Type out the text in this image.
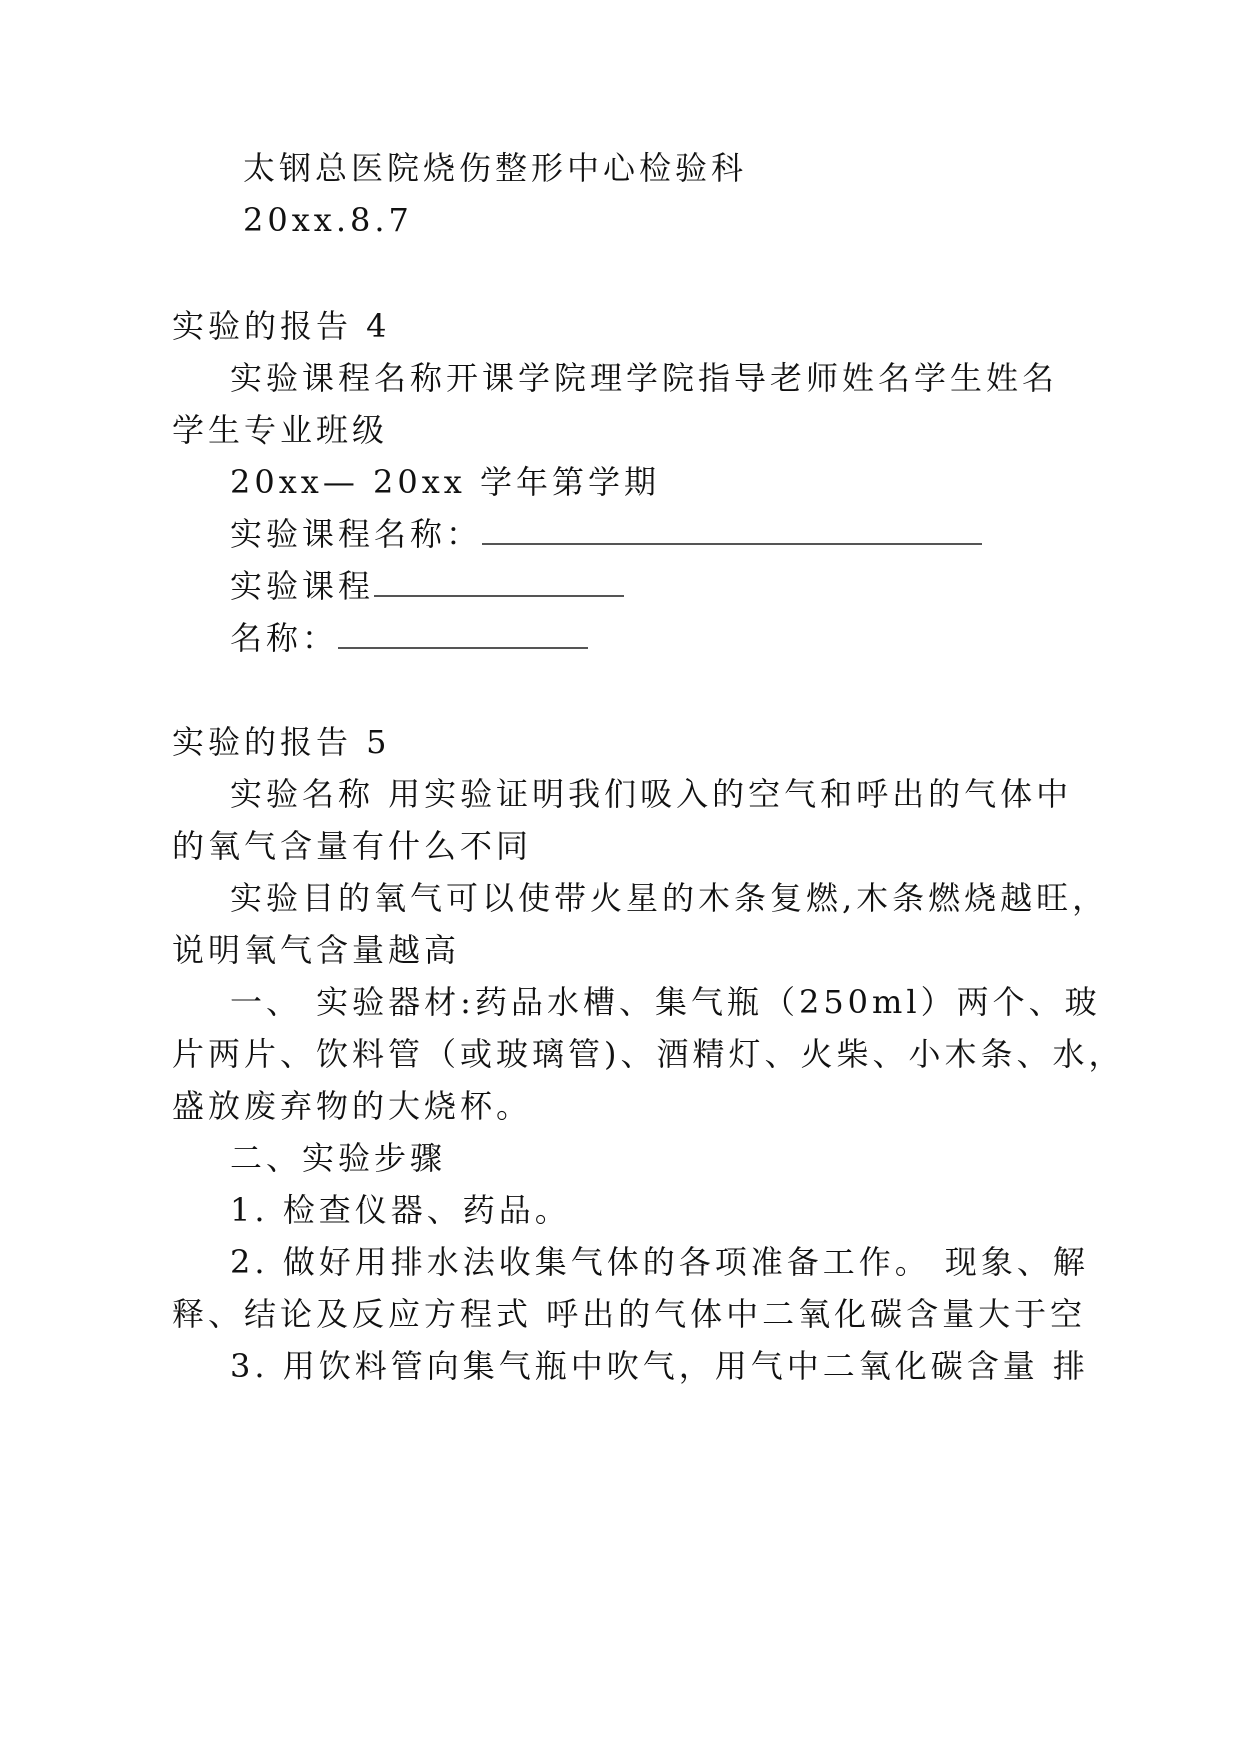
太钢总医院烧伤整形中心检验科
20xx.8.7
实验的报告 4
实验课程名称开课学院理学院指导老师姓名学生姓名
学生专业班级
20xx— 20xx 学年第学期
实验课程名称：
实验课程
名称：
实验的报告 5
实验名称 用实验证明我们吸入的空气和呼出的气体中
的氧气含量有什么不同
实验目的氧气可以使带火星的木条复燃,木条燃烧越旺，
说明氧气含量越高
一、 实验器材:药品水槽、集气瓶（250ml）两个、玻
片两片、饮料管（或玻璃管)、酒精灯、火柴、小木条、水，
盛放废弃物的大烧杯。
二、实验步骤
1. 检查仪器、药品。
2. 做好用排水法收集气体的各项准备工作。 现象、解
释、结论及反应方程式 呼出的气体中二氧化碳含量大于空
3. 用饮料管向集气瓶中吹气，用气中二氧化碳含量 排
